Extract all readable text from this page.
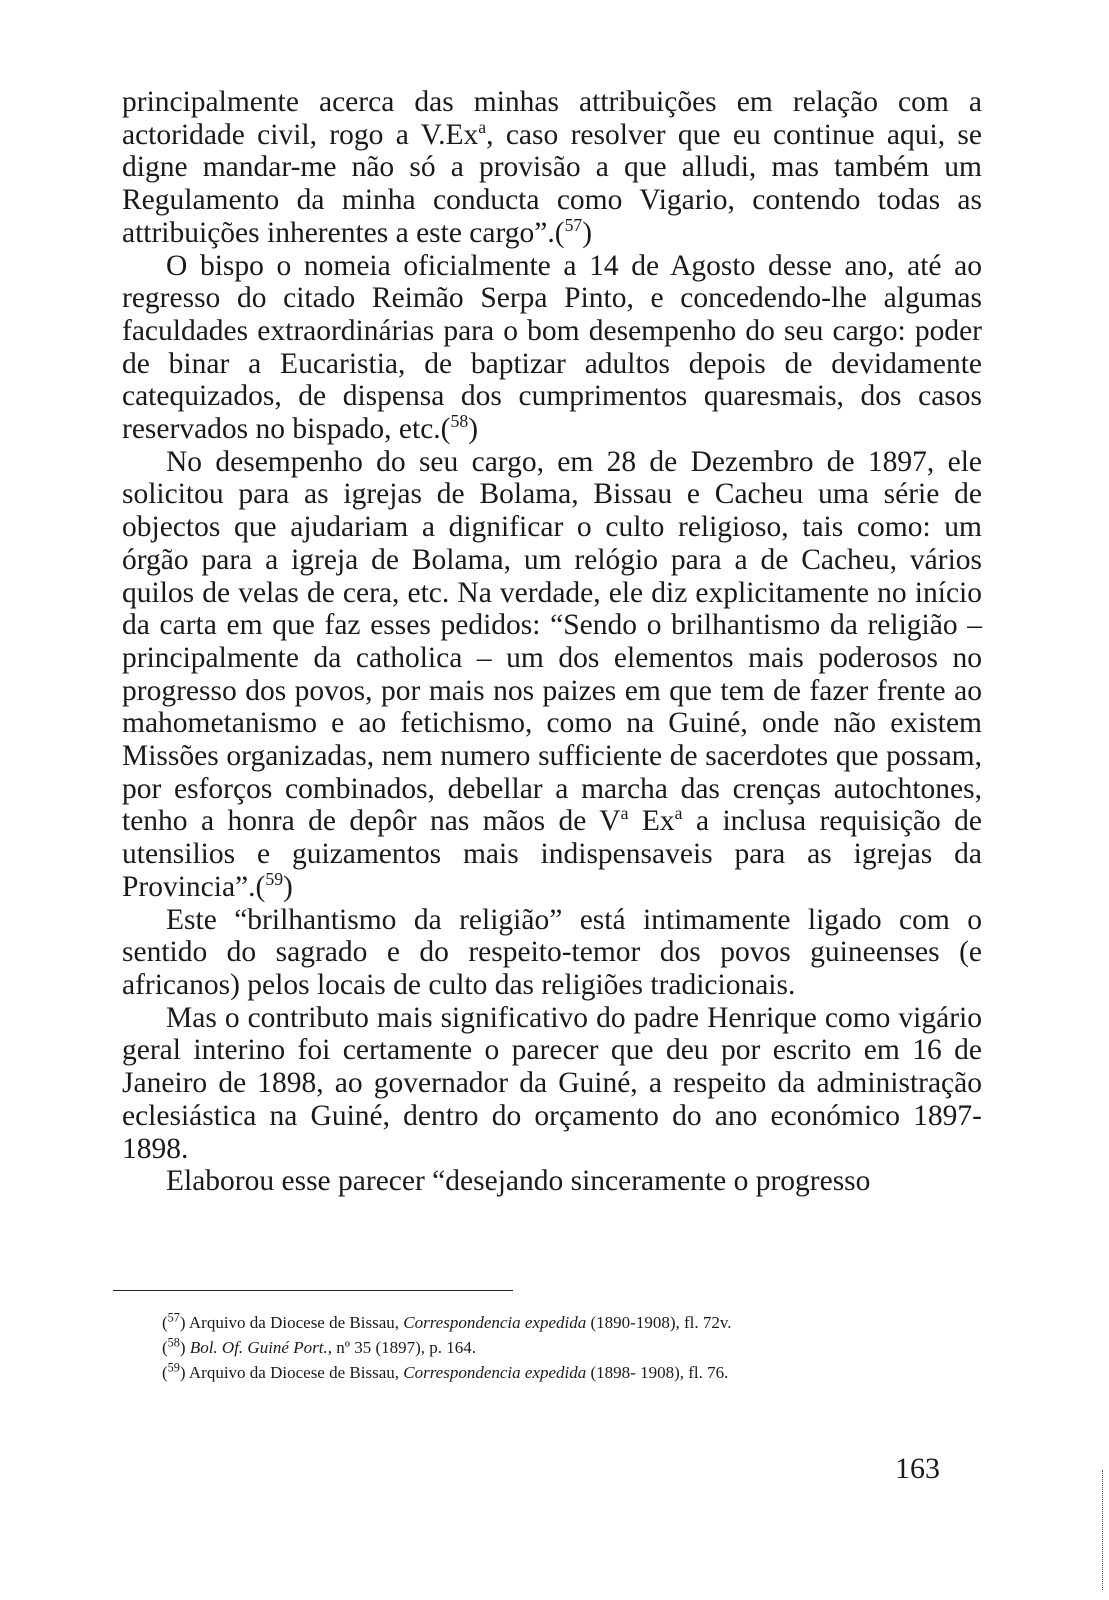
principalmente acerca das minhas attribuições em relação com a actoridade civil, rogo a V.Ex$^a$, caso resolver que eu continue aqui, se digne mandar-me não só a provisão a que alludi, mas também um Regulamento da minha conducta como Vigario, contendo todas as attribuições inherentes a este cargo”.($^{57}$)

O bispo o nomeia oficialmente a 14 de Agosto desse ano, até ao regresso do citado Reimão Serpa Pinto, e concedendo-lhe algumas faculdades extraordinárias para o bom desempenho do seu cargo: poder de binar a Eucaristia, de baptizar adultos depois de devidamente catequizados, de dispensa dos cumprimentos quaresmais, dos casos reservados no bispado, etc.($^{58}$)

No desempenho do seu cargo, em 28 de Dezembro de 1897, ele solicitou para as igrejas de Bolama, Bissau e Cacheu uma série de objectos que ajudariam a dignificar o culto religioso, tais como: um órgão para a igreja de Bolama, um relógio para a de Cacheu, vários quilos de velas de cera, etc. Na verdade, ele diz explicitamente no início da carta em que faz esses pedidos: “Sendo o brilhantismo da religião – principalmente da catholica – um dos elementos mais poderosos no progresso dos povos, por mais nos paizes em que tem de fazer frente ao mahometanismo e ao fetichismo, como na Guiné, onde não existem Missões organizadas, nem numero sufficiente de sacerdotes que possam, por esforços combinados, debellar a marcha das crenças autochtones, tenho a honra de depôr nas mãos de $V^a$ Ex$^a$ a inclusa requisição de utensilios e guizamentos mais indispensaveis para as igrejas da Provincia”.($^{59}$)

Este “brilhantismo da religião” está intimamente ligado com o sentido do sagrado e do respeito-temor dos povos guineenses (e africanos) pelos locais de culto das religiões tradicionais.

Mas o contributo mais significativo do padre Henrique como vigário geral interino foi certamente o parecer que deu por escrito em 16 de Janeiro de 1898, ao governador da Guiné, a respeito da administração eclesiástica na Guiné, dentro do orçamento do ano económico 1897-1898.

Elaborou esse parecer “desejando sinceramente o progresso

($^{57}$) Arquivo da Diocese de Bissau, Correspondencia expedida (1890-1908), fl. 72v.

($^{58}$) Bol. Of. Guiné Port., nº 35 (1897), p. 164.

($^{59}$) Arquivo da Diocese de Bissau, Correspondencia expedida (1898- 1908), fl. 76.

163
